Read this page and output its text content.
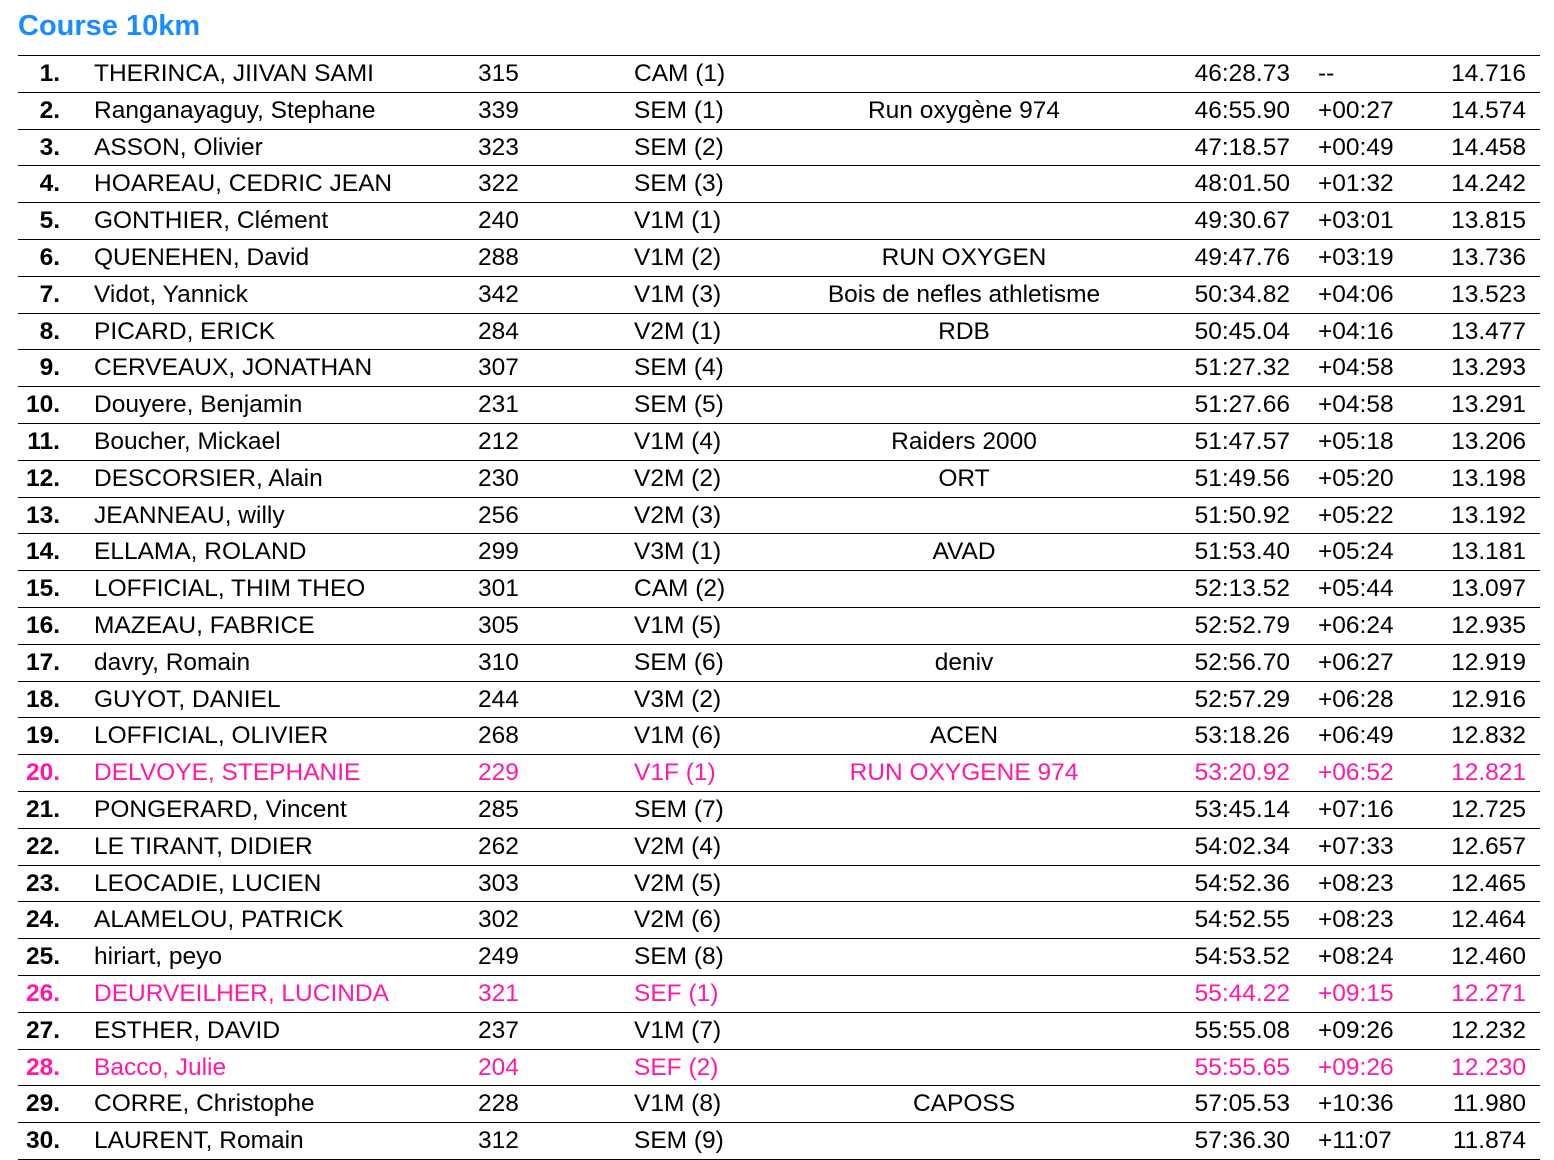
Course 10km
1. THERINCA, JIIVAN SAMI	315	CAM (1)	46:28.73 --	14.716
2. Ranganayaguy, Stephane	339	SEM (1)	Run oxygène 974	46:55.90 +00:27 14.574
3. ASSON, Olivier	323	SEM (2)	47:18.57 +00:49 14.458
4. HOAREAU, CEDRIC JEAN	322	SEM (3)	48:01.50 +01:32 14.242
5. GONTHIER, Clément	240	V1M (1)	49:30.67 +03:01 13.815
6. QUENEHEN, David	288	V1M (2)	RUN OXYGEN	49:47.76 +03:19 13.736
7. Vidot, Yannick	342	V1M (3)	Bois de nefles athletisme	50:34.82 +04:06 13.523
8. PICARD, ERICK	284	V2M (1)	RDB	50:45.04 +04:16 13.477
9. CERVEAUX, JONATHAN	307	SEM (4)	51:27.32 +04:58 13.293
10. Douyere, Benjamin	231	SEM (5)	51:27.66 +04:58 13.291
11. Boucher, Mickael	212	V1M (4)	Raiders 2000	51:47.57 +05:18 13.206
12. DESCORSIER, Alain	230	V2M (2)	ORT	51:49.56 +05:20 13.198
13. JEANNEAU, willy	256	V2M (3)	51:50.92 +05:22 13.192
14. ELLAMA, ROLAND	299	V3M (1)	AVAD	51:53.40 +05:24 13.181
15. LOFFICIAL, THIM THEO	301	CAM (2)	52:13.52 +05:44 13.097
16. MAZEAU, FABRICE	305	V1M (5)	52:52.79 +06:24 12.935
17. davry, Romain	310	SEM (6)	deniv	52:56.70 +06:27 12.919
18. GUYOT, DANIEL	244	V3M (2)	52:57.29 +06:28 12.916
19. LOFFICIAL, OLIVIER	268	V1M (6)	ACEN	53:18.26 +06:49 12.832
20. DELVOYE, STEPHANIE	229	V1F (1)	RUN OXYGENE 974	53:20.92 +06:52 12.821
21. PONGERARD, Vincent	285	SEM (7)	53:45.14 +07:16 12.725
22. LE TIRANT, DIDIER	262	V2M (4)	54:02.34 +07:33 12.657
23. LEOCADIE, LUCIEN	303	V2M (5)	54:52.36 +08:23 12.465
24. ALAMELOU, PATRICK	302	V2M (6)	54:52.55 +08:23 12.464
25. hiriart, peyo	249	SEM (8)	54:53.52 +08:24 12.460
26. DEURVEILHER, LUCINDA	321	SEF (1)	55:44.22 +09:15 12.271
27. ESTHER, DAVID	237	V1M (7)	55:55.08 +09:26 12.232
28. Bacco, Julie	204	SEF (2)	55:55.65 +09:26 12.230
29. CORRE, Christophe	228	V1M (8)	CAPOSS	57:05.53 +10:36 11.980
30. LAURENT, Romain	312	SEM (9)	57:36.30 +11:07 11.874
